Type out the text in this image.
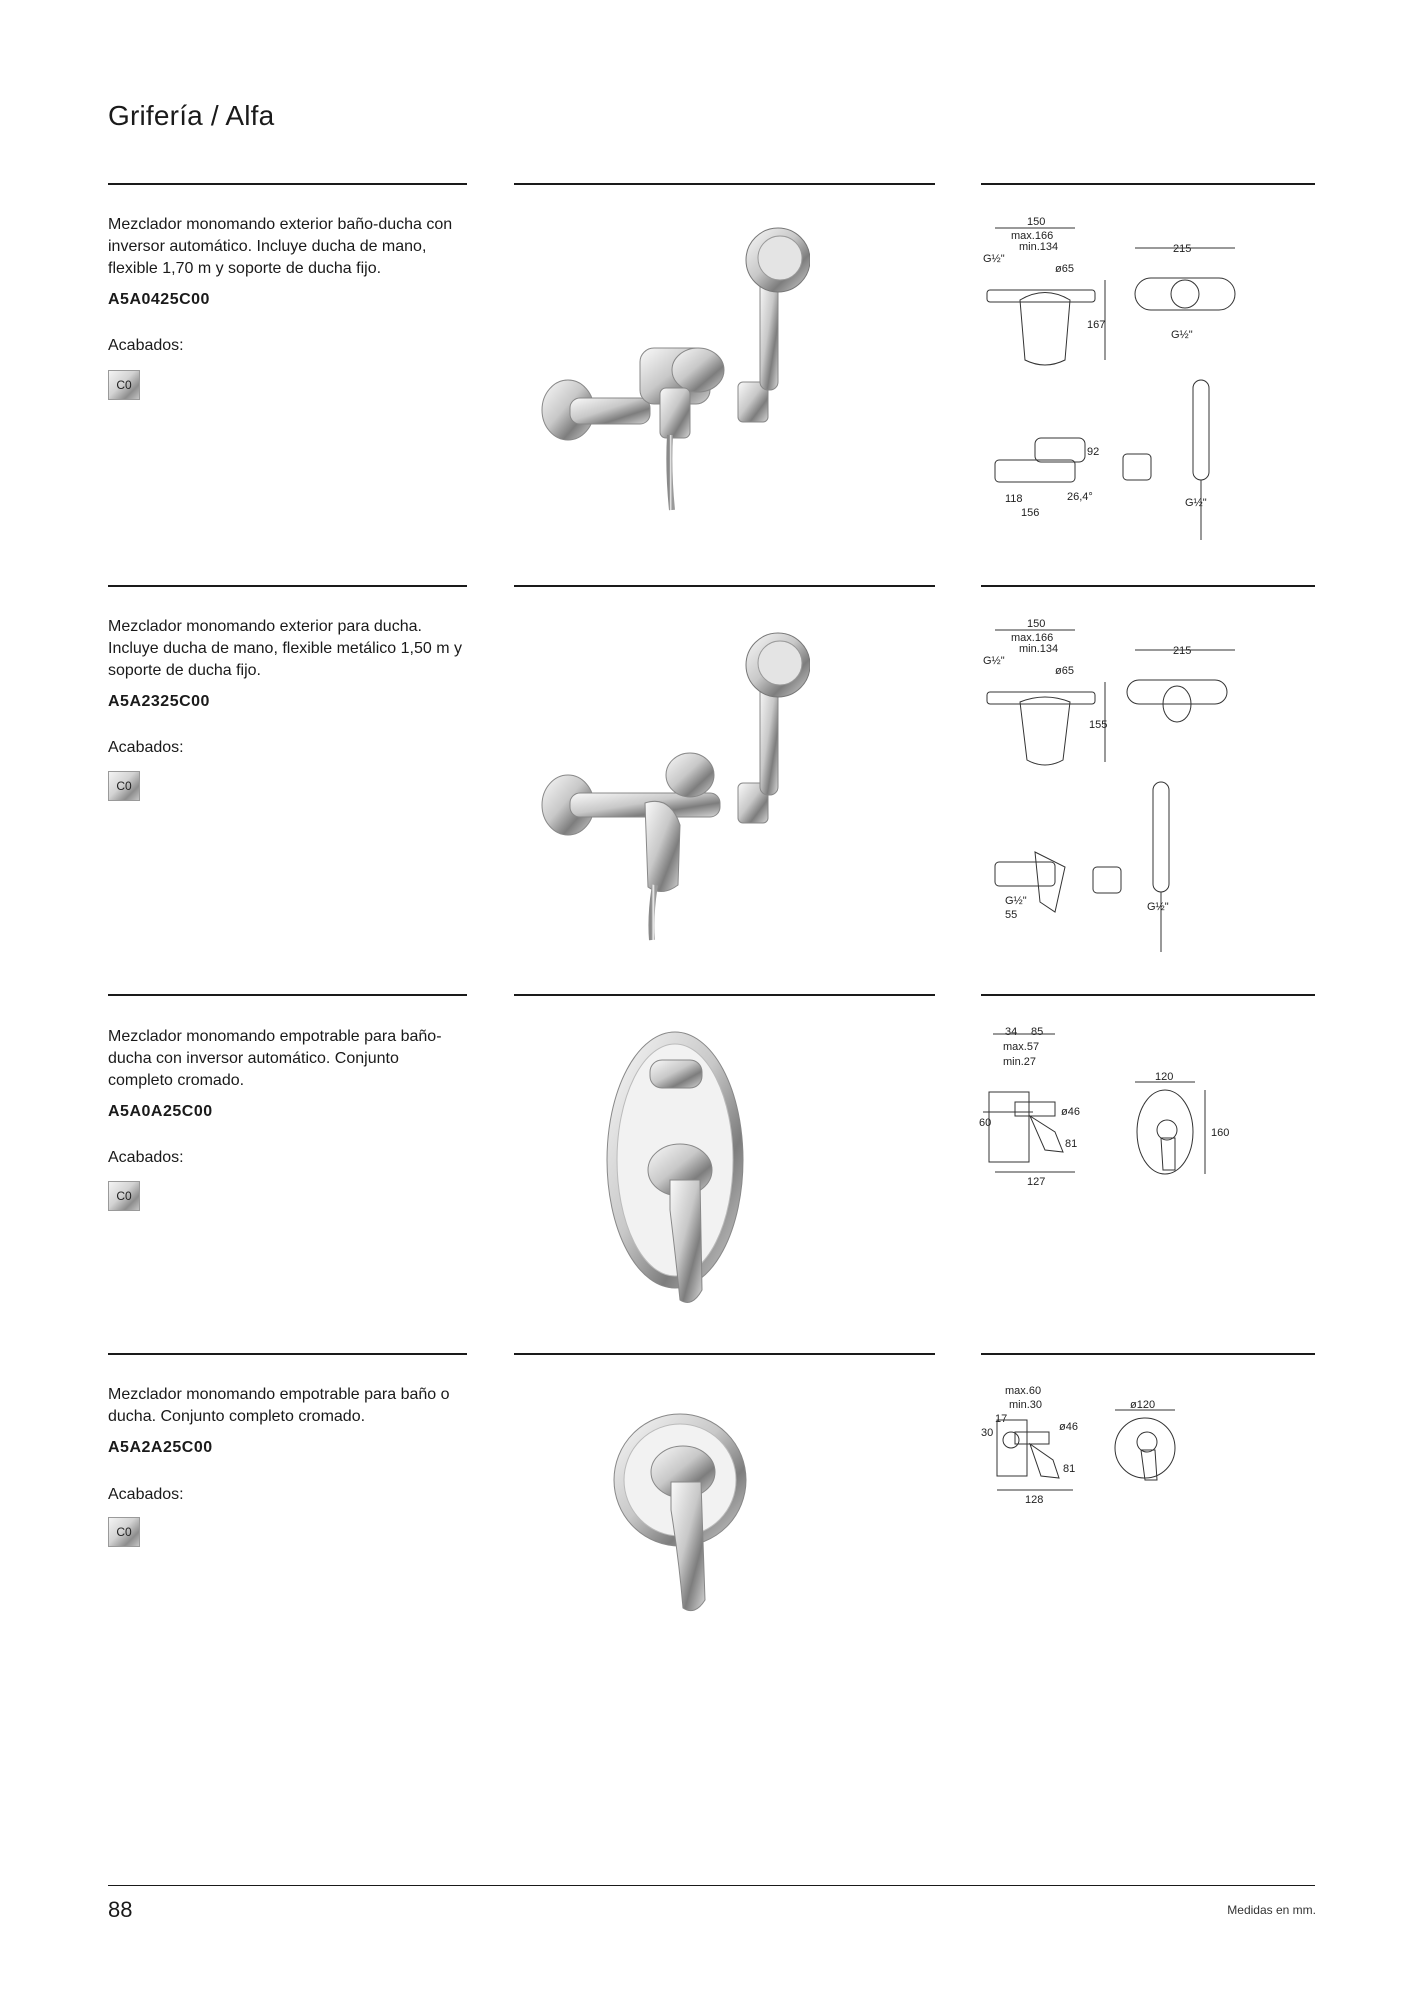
Grifería / Alfa
Mezclador monomando exterior baño-ducha con inversor automático. Incluye ducha de mano, flexible 1,70 m y soporte de ducha fijo.
A5A0425C00
Acabados:
C0
150
max.166
min.134
G½"
ø65
167
215
G½"
92
118
156
26,4°	G½"
Mezclador monomando exterior para ducha. Incluye ducha de mano, flexible metálico 1,50 m y soporte de ducha fijo.
A5A2325C00
Acabados:
C0
150
max.166
min.134
G½"
ø65
155
215
G½"
55
G½"
Mezclador monomando empotrable para baño-ducha con inversor automático. Conjunto completo cromado.
A5A0A25C00
Acabados:
C0
34 85
max.57
min.27
60
ø46
81
127
120
160
Mezclador monomando empotrable para baño o ducha. Conjunto completo cromado.
A5A2A25C00
Acabados:
C0
max.60
min.30
17
30	ø46
81
128
ø120
88	Medidas en mm.
